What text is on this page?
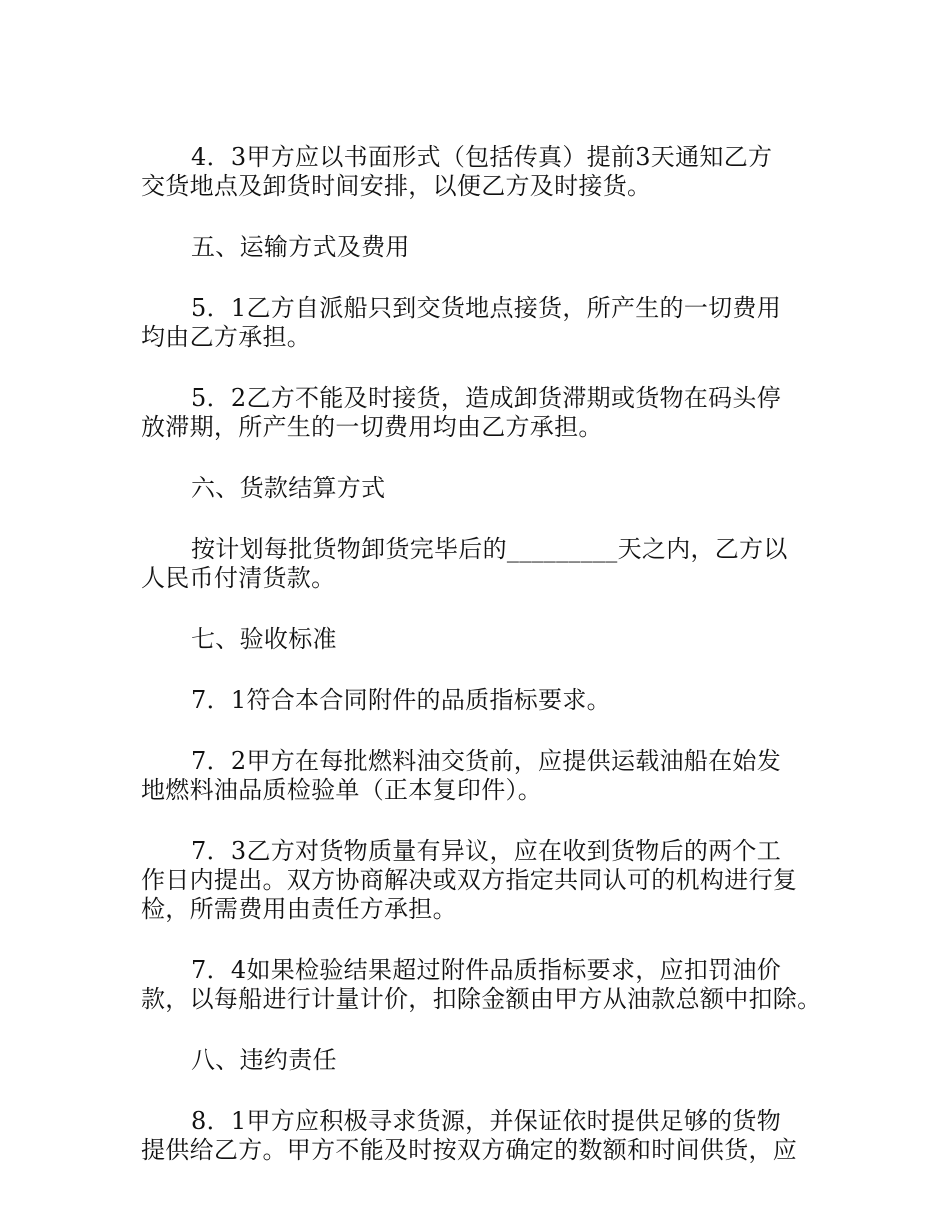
4．3甲方应以书面形式（包括传真）提前3天通知乙方
交货地点及卸货时间安排，以便乙方及时接货。

五、运输方式及费用

5．1乙方自派船只到交货地点接货，所产生的一切费用
均由乙方承担。

5．2乙方不能及时接货，造成卸货滞期或货物在码头停
放滞期，所产生的一切费用均由乙方承担。

六、货款结算方式

按计划每批货物卸货完毕后的_________天之内，乙方以
人民币付清货款。

七、验收标准

7．1符合本合同附件的品质指标要求。

7．2甲方在每批燃料油交货前，应提供运载油船在始发
地燃料油品质检验单（正本复印件）。

7．3乙方对货物质量有异议，应在收到货物后的两个工
作日内提出。双方协商解决或双方指定共同认可的机构进行复
检，所需费用由责任方承担。

7．4如果检验结果超过附件品质指标要求，应扣罚油价
款，以每船进行计量计价，扣除金额由甲方从油款总额中扣除。

八、违约责任

8．1甲方应积极寻求货源，并保证依时提供足够的货物
提供给乙方。甲方不能及时按双方确定的数额和时间供货，应
